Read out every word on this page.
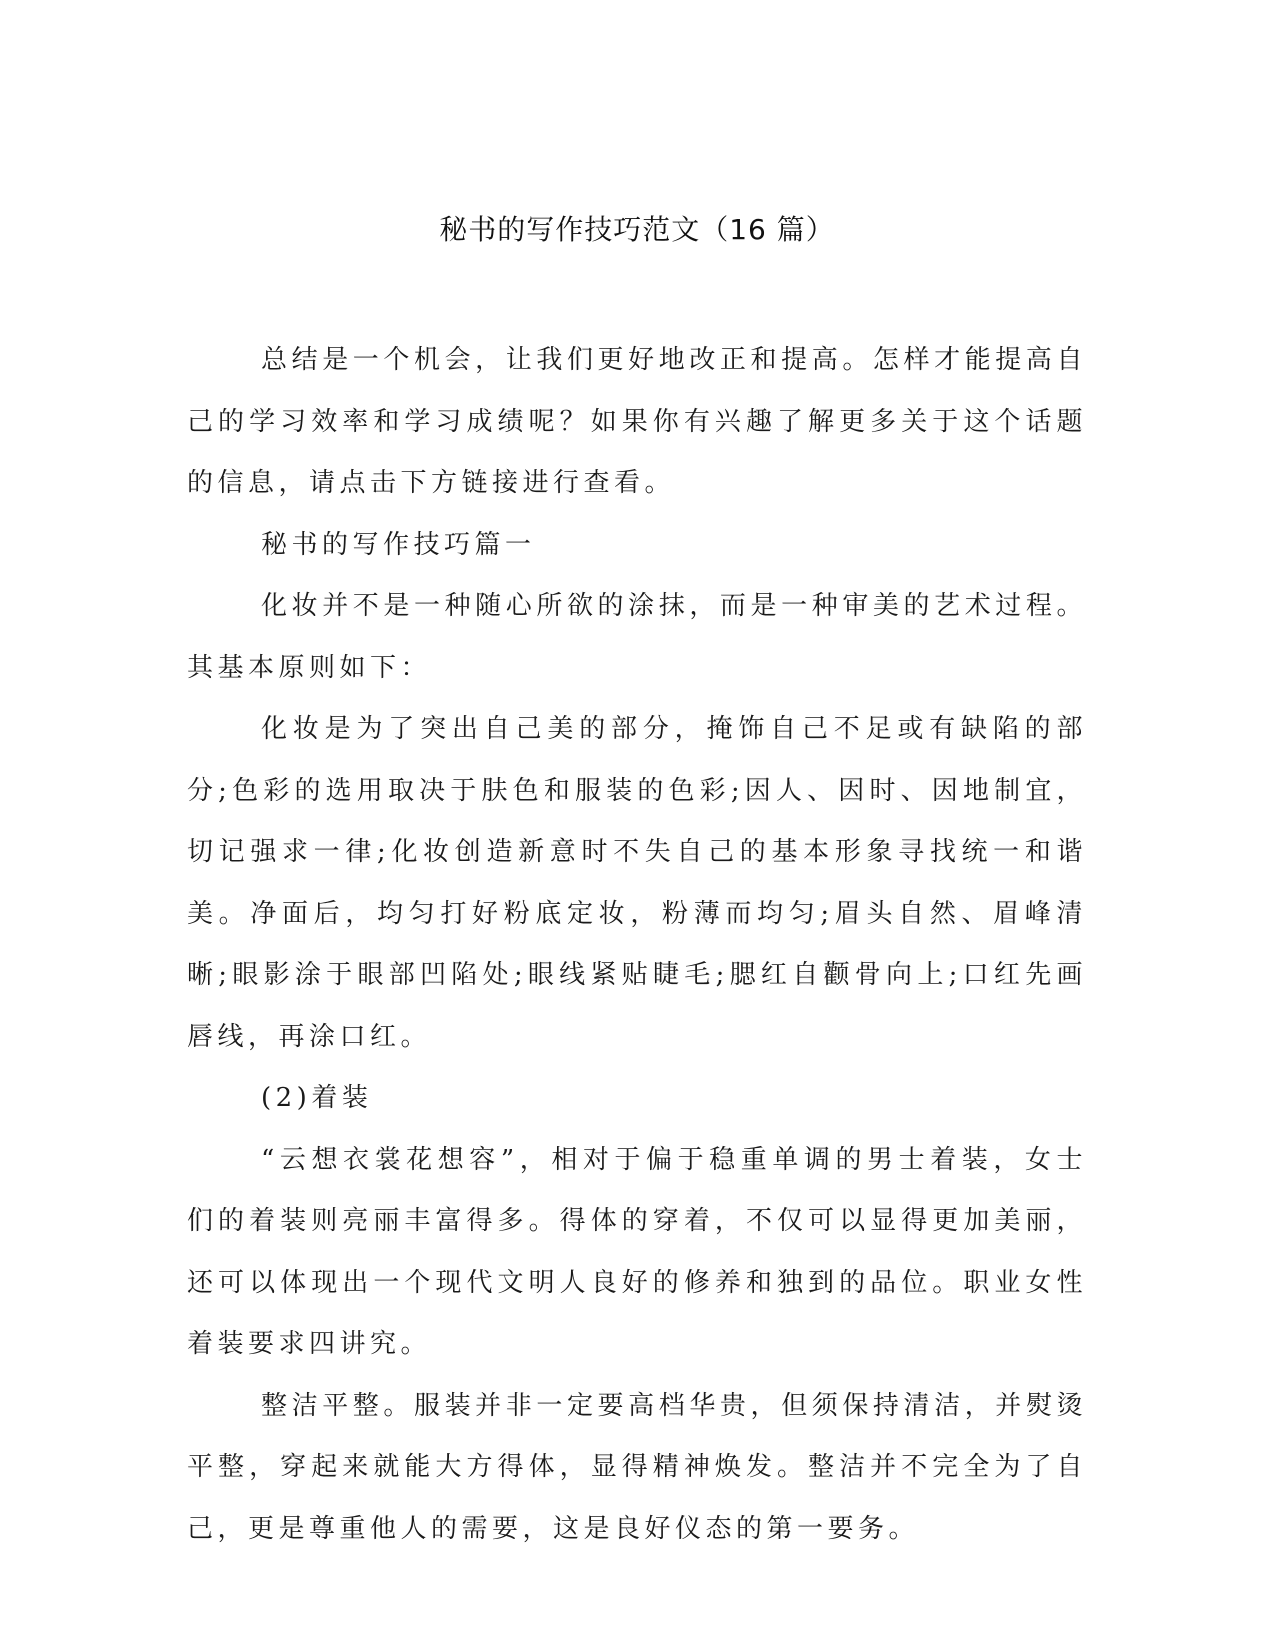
秘书的写作技巧范文（16 篇）

总结是一个机会，让我们更好地改正和提高。怎样才能提高自己的学习效率和学习成绩呢？如果你有兴趣了解更多关于这个话题的信息，请点击下方链接进行查看。

秘书的写作技巧篇一

化妆并不是一种随心所欲的涂抹，而是一种审美的艺术过程。其基本原则如下：

化妆是为了突出自己美的部分，掩饰自己不足或有缺陷的部分;色彩的选用取决于肤色和服装的色彩;因人、因时、因地制宜，切记强求一律;化妆创造新意时不失自己的基本形象寻找统一和谐美。净面后，均匀打好粉底定妆，粉薄而均匀;眉头自然、眉峰清晰;眼影涂于眼部凹陷处;眼线紧贴睫毛;腮红自颧骨向上;口红先画唇线，再涂口红。

(2)着装

“云想衣裳花想容”，相对于偏于稳重单调的男士着装，女士们的着装则亮丽丰富得多。得体的穿着，不仅可以显得更加美丽，还可以体现出一个现代文明人良好的修养和独到的品位。职业女性着装要求四讲究。

整洁平整。服装并非一定要高档华贵，但须保持清洁，并熨烫平整，穿起来就能大方得体，显得精神焕发。整洁并不完全为了自己，更是尊重他人的需要，这是良好仪态的第一要务。
